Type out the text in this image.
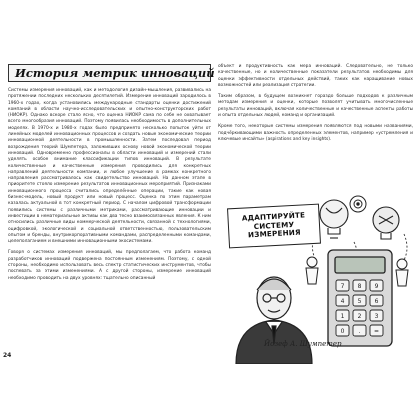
История метрик инноваций

Системы измерения инноваций, как и методология дизайн-мышления, развивались на протяжении последних нескольких десятилетий. Измерение инноваций зародилось в 1960-х годах, когда установились международные стандарты оценки достижений компаний в области научно-исследовательских и опытно-конструкторских работ (НИОКР). Однако вскоре стало ясно, что оценка НИОКР сама по себе не охватывает всего многообразия инноваций. Поэтому появилась необходимость в дополнительных моделях. В 1970-х и 1980-х годах было предпринято несколько попыток уйти от линейных моделей инновационных процессов и создать новые экономические теории инновационной деятельности в промышленности. Затем последовал период возрождения теорий Шумпетера, заложивших основу новой экономической теории инноваций. Одновременно профессионалы в области инноваций и измерений стали уделять особое внимание классификации типов инноваций. В результате количественные и качественные измерения проводились для конкретных направлений деятельности компании, и любое улучшение в рамках конкретного направления рассматривалось как свидетельство инноваций. На данном этапе в приоритете стояло измерение результатов инновационных мероприятий. Признаками инновационного процесса считались определённые операции, такие как новая бизнес-модель, новый продукт или новый процесс. Оценка по этим параметрам казалась актуальной в тот конкретный период. С началом цифровой трансформации появились системы с различными метриками, рассматривающие инновации и инвестиции в нематериальные активы как два тесно взаимосвязанных явления. К ним относились различные виды коммерческой деятельности, связанной с технологиями, оцифровкой, экологической и социальной ответственностью, пользовательским опытом и бренды, внутрикорпоративными командами, распределенными командами, целеполаганием и внешними инновационными экосистемами.

Говоря о системах измерения инноваций, мы предполагаем, что работа команд разработчиков инноваций подвержена постоянным изменениям. Поэтому, с одной стороны, необходимо использовать весь спектр статистических инструментов, чтобы поспевать за этими изменениями. А с другой стороны, измерение инноваций необходимо проводить на двух уровнях: тщательно описанный

объект и продуктивность как мера инноваций. Следовательно, не только качественные, но и количественные показатели результатов необходимы для оценки эффективности отдельных действий, таких как наращивание новых возможностей или реализация стратегии.

Таким образом, в будущем возникнет гораздо больше подходов к различным методам измерения и оценки, которые позволят учитывать многочисленные результаты инноваций, включая количественные и качественные аспекты работы и опыта отдельных людей, команд и организаций.

Кроме того, некоторые системы измерения появляются под новыми названиями, подчёркивающими важность определенных элементов, например «устремления и ключевые инсайты» (aspirations and key insights).

7 8 9
4 5 6
1 2 3
0 . =
АДАПТИРУЙТЕ
СИСТЕМУ ИЗМЕРЕНИЯ
Йозеф А. Шумпетер
24
